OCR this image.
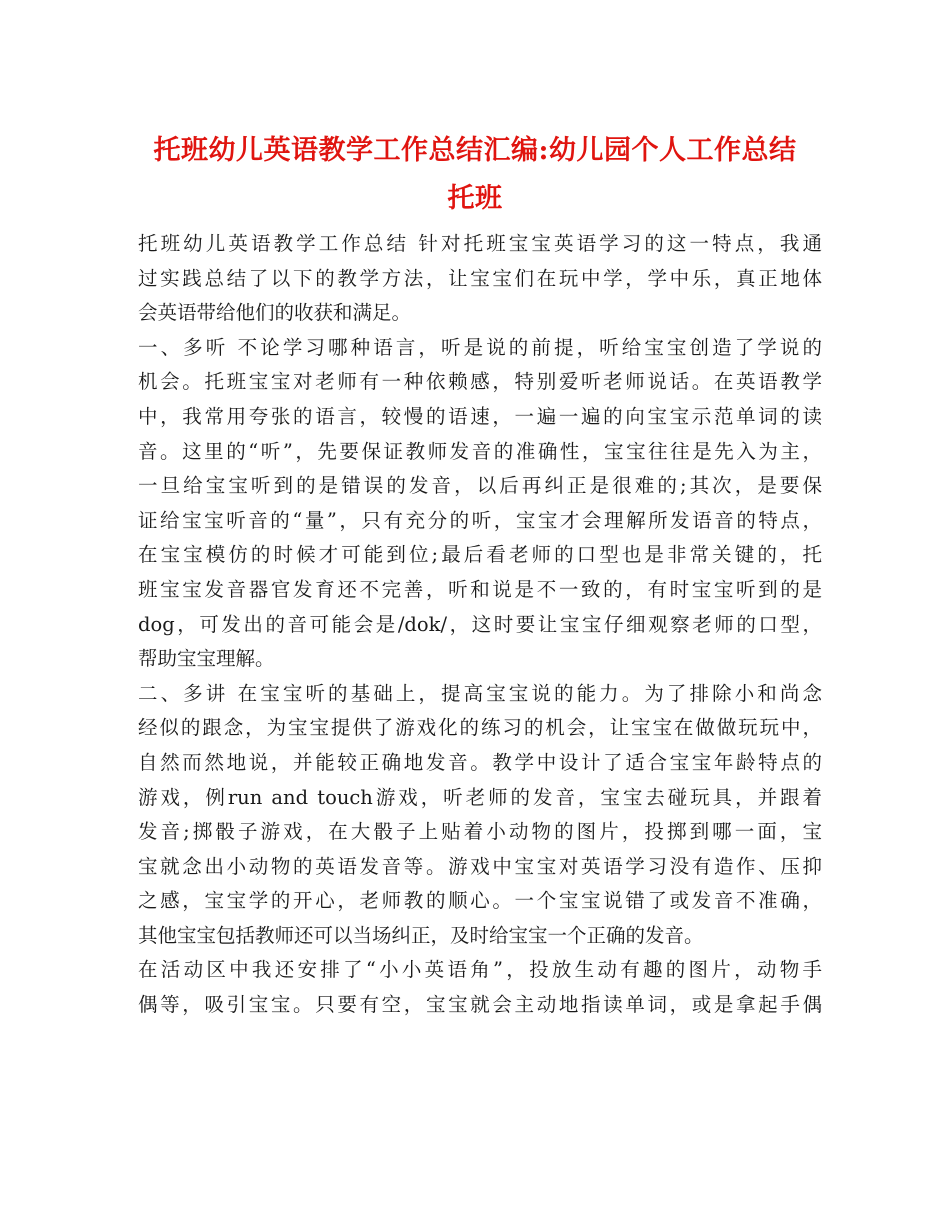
托班幼儿英语教学工作总结汇编:幼儿园个人工作总结
托班
托班幼儿英语教学工作总结 针对托班宝宝英语学习的这一特点，我通
过实践总结了以下的教学方法，让宝宝们在玩中学，学中乐，真正地体
会英语带给他们的收获和满足。
一、多听 不论学习哪种语言，听是说的前提，听给宝宝创造了学说的
机会。托班宝宝对老师有一种依赖感，特别爱听老师说话。在英语教学
中，我常用夸张的语言，较慢的语速，一遍一遍的向宝宝示范单词的读
音。这里的“听”，先要保证教师发音的准确性，宝宝往往是先入为主，
一旦给宝宝听到的是错误的发音，以后再纠正是很难的;其次，是要保
证给宝宝听音的“量”，只有充分的听，宝宝才会理解所发语音的特点，
在宝宝模仿的时候才可能到位;最后看老师的口型也是非常关键的，托
班宝宝发音器官发育还不完善，听和说是不一致的，有时宝宝听到的是
dog，可发出的音可能会是/dok/，这时要让宝宝仔细观察老师的口型，
帮助宝宝理解。
二、多讲 在宝宝听的基础上，提高宝宝说的能力。为了排除小和尚念
经似的跟念，为宝宝提供了游戏化的练习的机会，让宝宝在做做玩玩中，
自然而然地说，并能较正确地发音。教学中设计了适合宝宝年龄特点的
游戏，例run and touch游戏，听老师的发音，宝宝去碰玩具，并跟着
发音;掷骰子游戏，在大骰子上贴着小动物的图片，投掷到哪一面，宝
宝就念出小动物的英语发音等。游戏中宝宝对英语学习没有造作、压抑
之感，宝宝学的开心，老师教的顺心。一个宝宝说错了或发音不准确，
其他宝宝包括教师还可以当场纠正，及时给宝宝一个正确的发音。
在活动区中我还安排了“小小英语角”，投放生动有趣的图片，动物手
偶等，吸引宝宝。只要有空，宝宝就会主动地指读单词，或是拿起手偶
